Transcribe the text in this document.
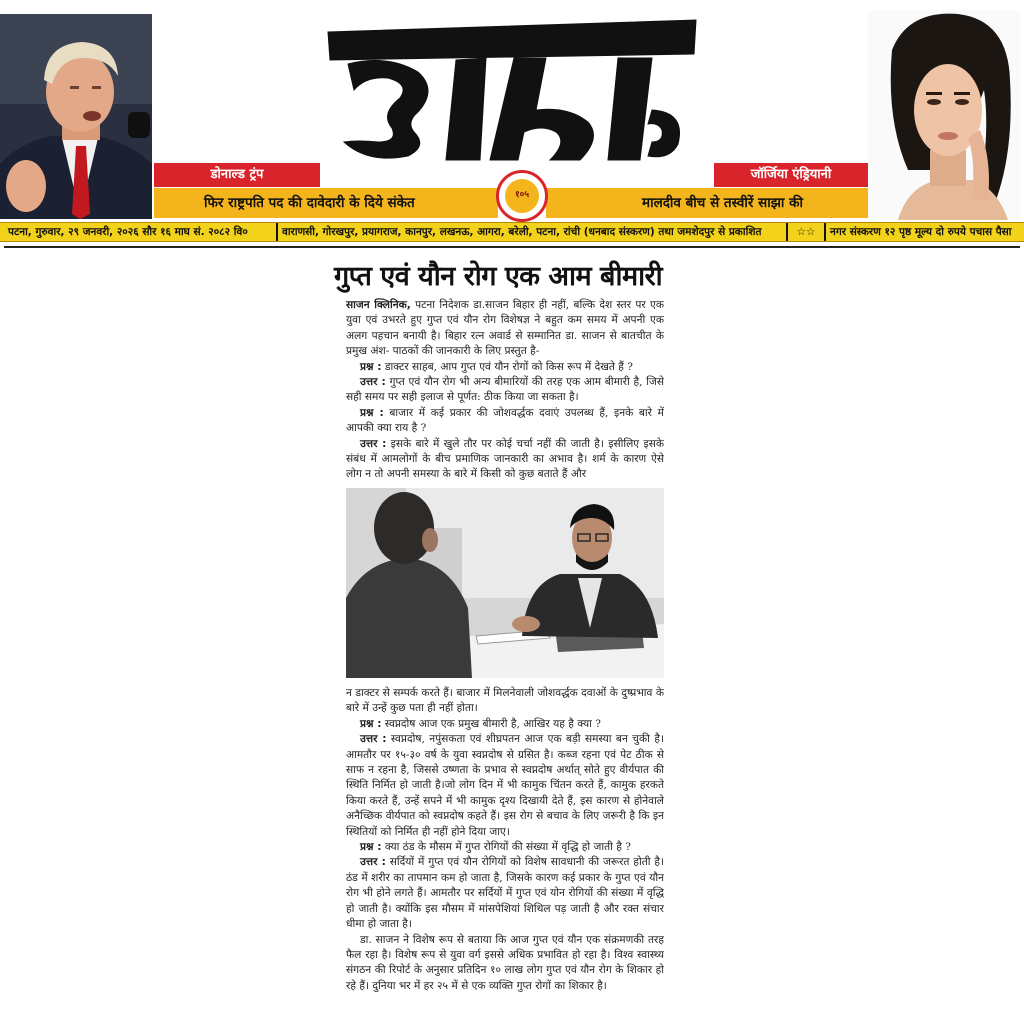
डोनाल्ड ट्रंप	जॉर्जिया एंड्रियानी
फिर राष्ट्रपति पद की दावेदारी के दिये संकेत	मालदीव बीच से तस्वीरें साझा की
१०५
पटना, गुरुवार, २९ जनवरी, २०२६ सौर १६ माघ सं. २०८२ वि०	वाराणसी, गोरखपुर, प्रयागराज, कानपुर, लखनऊ, आगरा, बरेली, पटना, रांची (धनबाद संस्करण) तथा जमशेदपुर से प्रकाशित	☆☆	नगर संस्करण १२ पृष्ठ मूल्य दो रुपये पचास पैसा
गुप्त एवं यौन रोग एक आम बीमारी

साजन क्लिनिक, पटना निदेशक डा.साजन बिहार ही नहीं, बल्कि देश स्तर पर एक युवा एवं उभरते हुए गुप्त एवं यौन रोग विशेषज्ञ ने बहुत कम समय में अपनी एक अलग पहचान बनायी है। बिहार रत्न अवार्ड से सम्मानित डा. साजन से बातचीत के प्रमुख अंश- पाठकों की जानकारी के लिए प्रस्तुत है-

प्रश्न : डाक्टर साहब, आप गुप्त एवं यौन रोगों को किस रूप में देखते हैं ?

उत्तर : गुप्त एवं यौन रोग भी अन्य बीमारियों की तरह एक आम बीमारी है, जिसे सही समय पर सही इलाज से पूर्णत: ठीक किया जा सकता है।

प्रश्न : बाजार में कई प्रकार की जोशवर्द्धक दवाएं उपलब्ध हैं, इनके बारे में आपकी क्या राय है ?

उत्तर : इसके बारे में खुले तौर पर कोई चर्चा नहीं की जाती है। इसीलिए इसके संबंध में आमलोगों के बीच प्रमाणिक जानकारी का अभाव है। शर्म के कारण ऐसे लोग न तो अपनी समस्या के बारे में किसी को कुछ बताते हैं और

न डाक्टर से सम्पर्क करते हैं। बाजार में मिलनेवाली जोशवर्द्धक दवाओं के दुष्प्रभाव के बारे में उन्हें कुछ पता ही नहीं होता।

प्रश्न : स्वप्नदोष आज एक प्रमुख बीमारी है, आखिर यह है क्या ?

उत्तर : स्वप्नदोष, नपुंसकता एवं शीघ्रपतन आज एक बड़ी समस्या बन चुकी है। आमतौर पर १५-३० वर्ष के युवा स्वप्नदोष से ग्रसित है। कब्ज रहना एवं पेट ठीक से साफ न रहना है, जिससे उष्णता के प्रभाव से स्वप्नदोष अर्थात् सोते हुए वीर्यपात की स्थिति निर्मित हो जाती है।जो लोग दिन में भी कामुक चिंतन करते हैं, कामुक हरकते किया करते हैं, उन्हें सपने में भी कामुक दृश्य दिखायी देते हैं, इस कारण से होनेवाले अनैच्छिक वीर्यपात को स्वप्नदोष कहते हैं। इस रोग से बचाव के लिए जरूरी है कि इन स्थितियों को निर्मित ही नहीं होने दिया जाए।

प्रश्न : क्या ठंड के मौसम में गुप्त रोगियों की संख्या में वृद्धि हो जाती है ?

उत्तर : सर्दियों में गुप्त एवं यौन रोगियों को विशेष सावधानी की जरूरत होती है। ठंड में शरीर का तापमान कम हो जाता है, जिसके कारण कई प्रकार के गुप्त एवं यौन रोग भी होने लगते हैं। आमतौर पर सर्दियों में गुप्त एवं योन रोगियों की संख्या में वृद्धि हो जाती है। क्योंकि इस मौसम में मांसपेशियां शिथिल पड़ जाती है और रक्त संचार धीमा हो जाता है।

डा. साजन ने विशेष रूप से बताया कि आज गुप्त एवं यौन एक संक्रमणकी तरह फैल रहा है। विशेष रूप से युवा वर्ग इससे अधिक प्रभावित हो रहा है। विश्व स्वास्थ्य संगठन की रिपोर्ट के अनुसार प्रतिदिन १० लाख लोग गुप्त एवं यौन रोग के शिकार हो रहे हैं। दुनिया भर में हर २५ में से एक व्यक्ति गुप्त रोगों का शिकार है।
